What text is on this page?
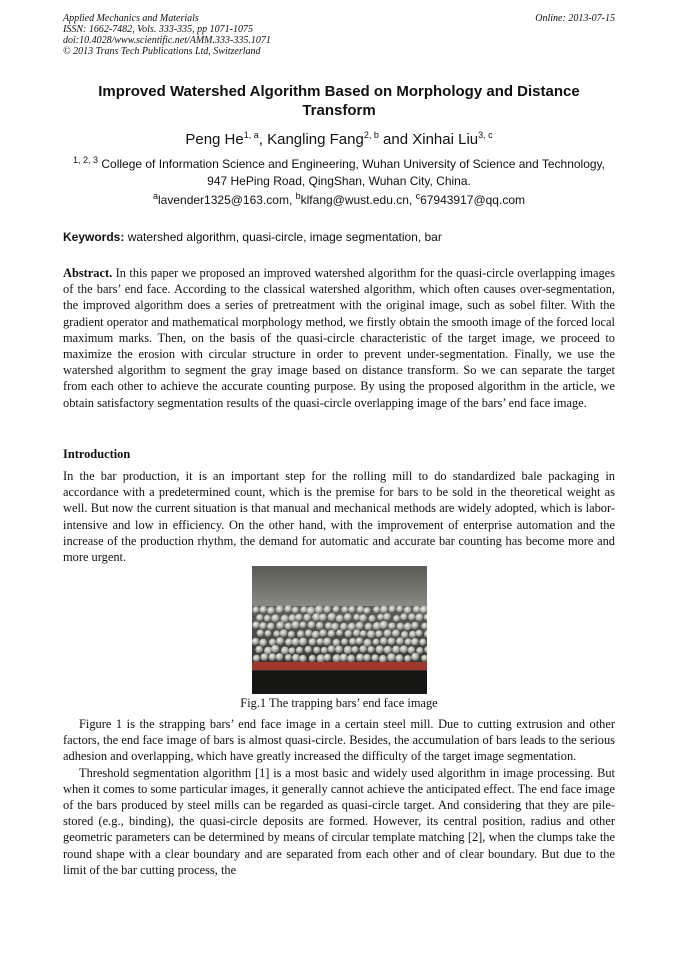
Applied Mechanics and Materials
ISSN: 1662-7482, Vols. 333-335, pp 1071-1075
doi:10.4028/www.scientific.net/AMM.333-335.1071
© 2013 Trans Tech Publications Ltd, Switzerland
Online: 2013-07-15
Improved Watershed Algorithm Based on Morphology and Distance Transform
Peng He$^{1, a}$, Kangling Fang$^{2, b}$ and Xinhai Liu$^{3, c}$
$^{1, 2, 3}$ College of Information Science and Engineering, Wuhan University of Science and Technology,
947 HePing Road, QingShan, Wuhan City, China.
$^a$lavender1325@163.com, $^b$klfang@wust.edu.cn, $^c$67943917@qq.com
Keywords: watershed algorithm, quasi-circle, image segmentation, bar
Abstract. In this paper we proposed an improved watershed algorithm for the quasi-circle overlapping images of the bars’ end face. According to the classical watershed algorithm, which often causes over-segmentation, the improved algorithm does a series of pretreatment with the original image, such as sobel filter. With the gradient operator and mathematical morphology method, we firstly obtain the smooth image of the forced local maximum marks. Then, on the basis of the quasi-circle characteristic of the target image, we proceed to maximize the erosion with circular structure in order to prevent under-segmentation. Finally, we use the watershed algorithm to segment the gray image based on distance transform. So we can separate the target from each other to achieve the accurate counting purpose. By using the proposed algorithm in the article, we obtain satisfactory segmentation results of the quasi-circle overlapping image of the bars’ end face image.
Introduction

In the bar production, it is an important step for the rolling mill to do standardized bale packaging in accordance with a predetermined count, which is the premise for bars to be sold in the theoretical weight as well. But now the current situation is that manual and mechanical methods are widely adopted, which is labor-intensive and low in efficiency. On the other hand, with the improvement of enterprise automation and the increase of the production rhythm, the demand for automatic and accurate bar counting has become more and more urgent.

Fig.1 The trapping bars’ end face image

Figure 1 is the strapping bars’ end face image in a certain steel mill. Due to cutting extrusion and other factors, the end face image of bars is almost quasi-circle. Besides, the accumulation of bars leads to the serious adhesion and overlapping, which have greatly increased the difficulty of the target image segmentation.

Threshold segmentation algorithm [1] is a most basic and widely used algorithm in image processing. But when it comes to some particular images, it generally cannot achieve the anticipated effect. The end face image of the bars produced by steel mills can be regarded as quasi-circle target. And considering that they are pile-stored (e.g., binding), the quasi-circle deposits are formed. However, its central position, radius and other geometric parameters can be determined by means of circular template matching [2], when the clumps take the round shape with a clear boundary and are separated from each other and of clear boundary. But due to the limit of the bar cutting process, the
